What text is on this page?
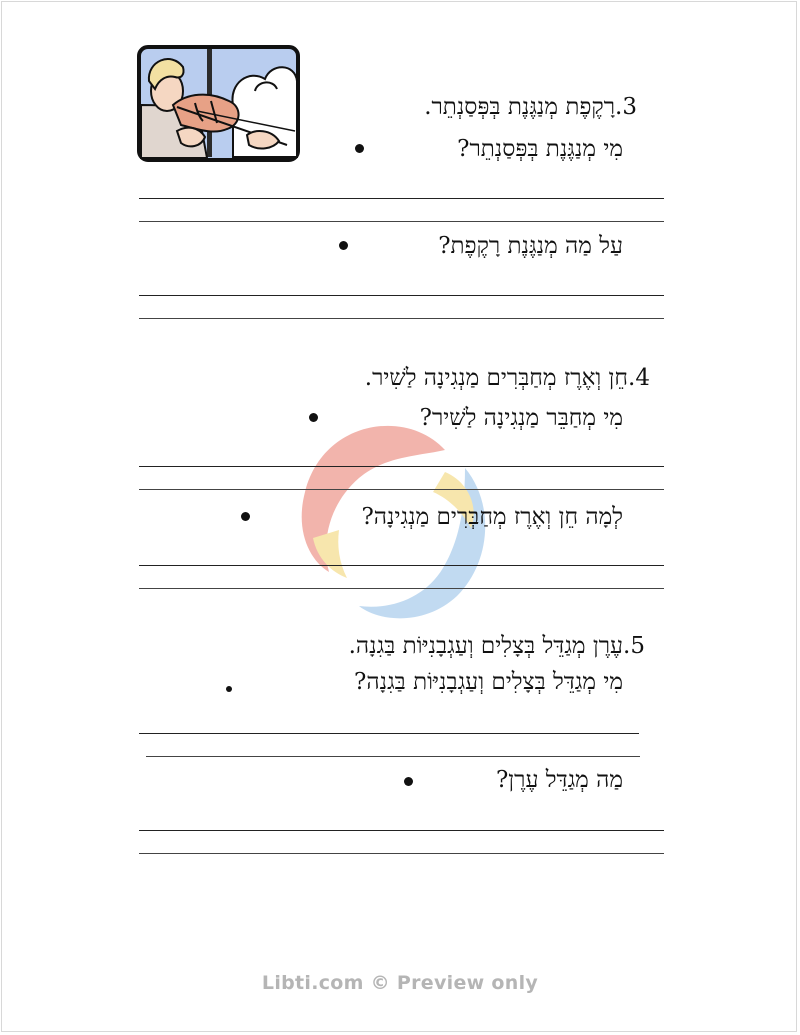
3.רָקֶפֶת מְנַגֶּנֶת בְּפְּסַנְתֵר.
מִי מְנַגֶּנֶת בְּפְּסַנְתֵר?
עַל מַה מְנַגֶּנֶת רָקֶפֶת?
4.חֵן וְאֶרֶז מְחַבְּרִים מַנְגִינָה לַשִׁיר.
מִי מְחַבֵּר מַנְגִינָה לַשִׁיר?
לְמָה חֵן וְאֶרֶז מְחַבְּרִים מַנְגִינָה?
5.עֶרֶן מְגַדֵּל בְּצָלִים וְעַגְבָנִיּוֹת בַּגִנָה.
מִי מְגַדֵּל בְּצָלִים וְעַגְבָנִיּוֹת בַּגִנָה?
מַה מְגַדֵּל עֶרֶן?
Libti.com © Preview only
